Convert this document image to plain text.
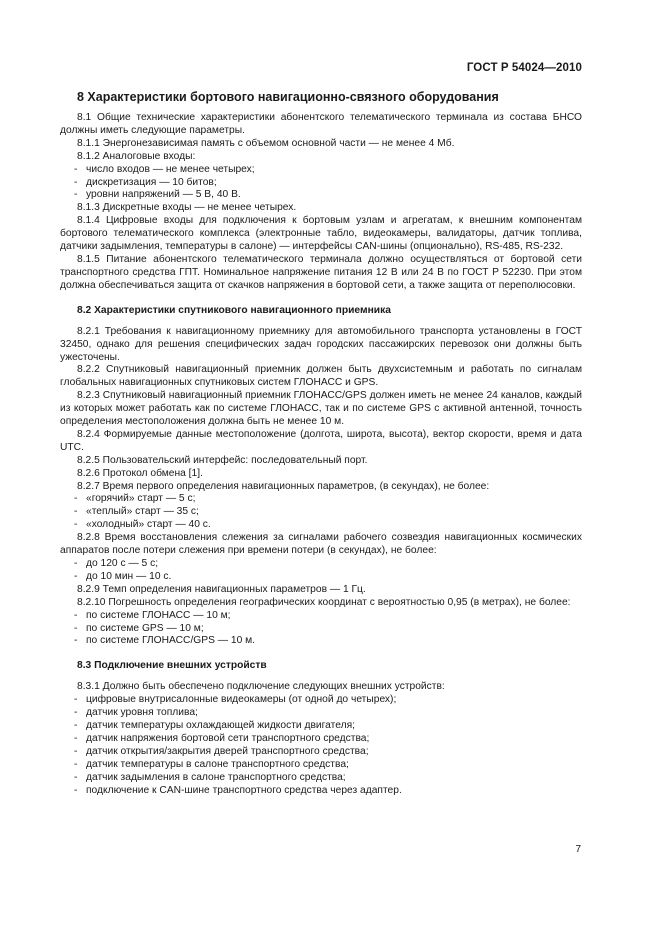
ГОСТ Р 54024—2010
8 Характеристики бортового навигационно-связного оборудования

8.1 Общие технические характеристики абонентского телематического терминала из состава БНСО должны иметь следующие параметры.

8.1.1 Энергонезависимая память с объемом основной части — не менее 4 Мб.

8.1.2 Аналоговые входы:

- число входов — не менее четырех;
- дискретизация — 10 битов;
- уровни напряжений — 5 В, 40 В.

8.1.3 Дискретные входы — не менее четырех.

8.1.4 Цифровые входы для подключения к бортовым узлам и агрегатам, к внешним компонентам бортового телематического комплекса (электронные табло, видеокамеры, валидаторы, датчик топлива, датчики задымления, температуры в салоне) — интерфейсы CAN-шины (опционально), RS-485, RS-232.

8.1.5 Питание абонентского телематического терминала должно осуществляться от бортовой сети транспортного средства ГПТ. Номинальное напряжение питания 12 В или 24 В по ГОСТ Р 52230. При этом должна обеспечиваться защита от скачков напряжения в бортовой сети, а также защита от переполюсовки.

8.2 Характеристики спутникового навигационного приемника

8.2.1 Требования к навигационному приемнику для автомобильного транспорта установлены в ГОСТ 32450, однако для решения специфических задач городских пассажирских перевозок они должны быть ужесточены.

8.2.2 Спутниковый навигационный приемник должен быть двухсистемным и работать по сигналам глобальных навигационных спутниковых систем ГЛОНАСС и GPS.

8.2.3 Спутниковый навигационный приемник ГЛОНАСС/GPS должен иметь не менее 24 каналов, каждый из которых может работать как по системе ГЛОНАСС, так и по системе GPS с активной антенной, точность определения местоположения должна быть не менее 10 м.

8.2.4 Формируемые данные местоположение (долгота, широта, высота), вектор скорости, время и дата UTC.

8.2.5 Пользовательский интерфейс: последовательный порт.

8.2.6 Протокол обмена [1].

8.2.7 Время первого определения навигационных параметров, (в секундах), не более:

- «горячий» старт — 5 с;
- «теплый» старт — 35 с;
- «холодный» старт — 40 с.

8.2.8 Время восстановления слежения за сигналами рабочего созвездия навигационных космических аппаратов после потери слежения при времени потери (в секундах), не более:

- до 120 с — 5 с;
- до 10 мин — 10 с.

8.2.9 Темп определения навигационных параметров — 1 Гц.

8.2.10 Погрешность определения географических координат с вероятностью 0,95 (в метрах), не более:

- по системе ГЛОНАСС — 10 м;
- по системе GPS — 10 м;
- по системе ГЛОНАСС/GPS — 10 м.
8.3 Подключение внешних устройств

8.3.1 Должно быть обеспечено подключение следующих внешних устройств:

- цифровые внутрисалонные видеокамеры (от одной до четырех);
- датчик уровня топлива;
- датчик температуры охлаждающей жидкости двигателя;
- датчик напряжения бортовой сети транспортного средства;
- датчик открытия/закрытия дверей транспортного средства;
- датчик температуры в салоне транспортного средства;
- датчик задымления в салоне транспортного средства;
- подключение к CAN-шине транспортного средства через адаптер.
7
